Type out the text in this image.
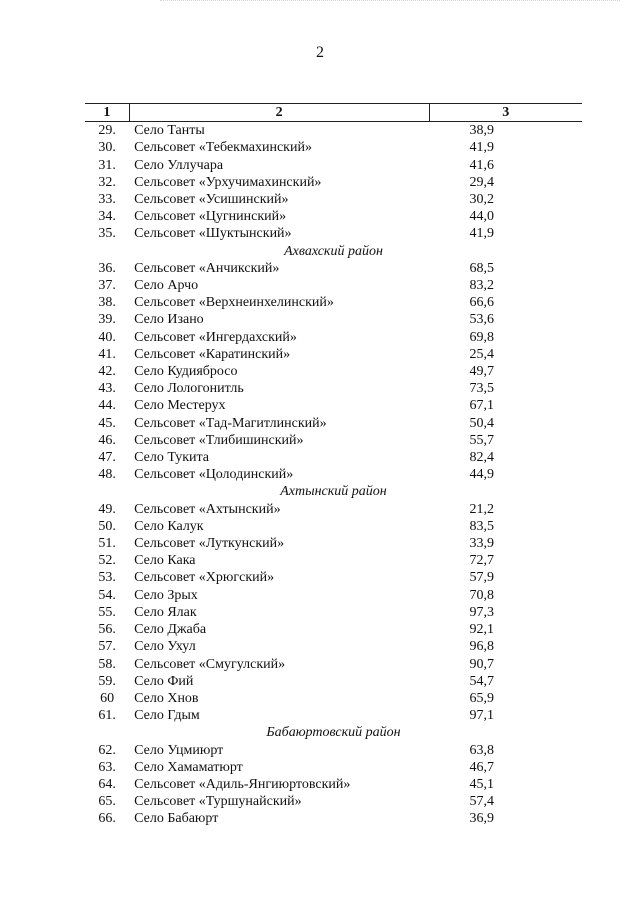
2
1	2	3
29.	Село Танты	38,9
30.	Сельсовет «Тебекмахинский»	41,9
31.	Село Уллучара	41,6
32.	Сельсовет «Урхучимахинский»	29,4
33.	Сельсовет «Усишинский»	30,2
34.	Сельсовет «Цугнинский»	44,0
35.	Сельсовет «Шуктынский»	41,9
Ахвахский район		
36.	Сельсовет «Анчикский»	68,5
37.	Село Арчо	83,2
38.	Сельсовет «Верхнеинхелинский»	66,6
39.	Село Изано	53,6
40.	Сельсовет «Ингердахский»	69,8
41.	Сельсовет «Каратинский»	25,4
42.	Село Кудиябросо	49,7
43.	Село Лологонитль	73,5
44.	Село Местерух	67,1
45.	Сельсовет «Тад-Магитлинский»	50,4
46.	Сельсовет «Тлибишинский»	55,7
47.	Село Тукита	82,4
48.	Сельсовет «Цолодинский»	44,9
Ахтынский район		
49.	Сельсовет «Ахтынский»	21,2
50.	Село Калук	83,5
51.	Сельсовет «Луткунский»	33,9
52.	Село Кака	72,7
53.	Сельсовет «Хрюгский»	57,9
54.	Село Зрых	70,8
55.	Село Ялак	97,3
56.	Село Джаба	92,1
57.	Село Ухул	96,8
58.	Сельсовет «Смугулский»	90,7
59.	Село Фий	54,7
60	Село Хнов	65,9
61.	Село Гдым	97,1
Бабаюртовский район		
62.	Село Уцмиюрт	63,8
63.	Село Хамаматюрт	46,7
64.	Сельсовет «Адиль-Янгиюртовский»	45,1
65.	Сельсовет «Туршунайский»	57,4
66.	Село Бабаюрт	36,9
